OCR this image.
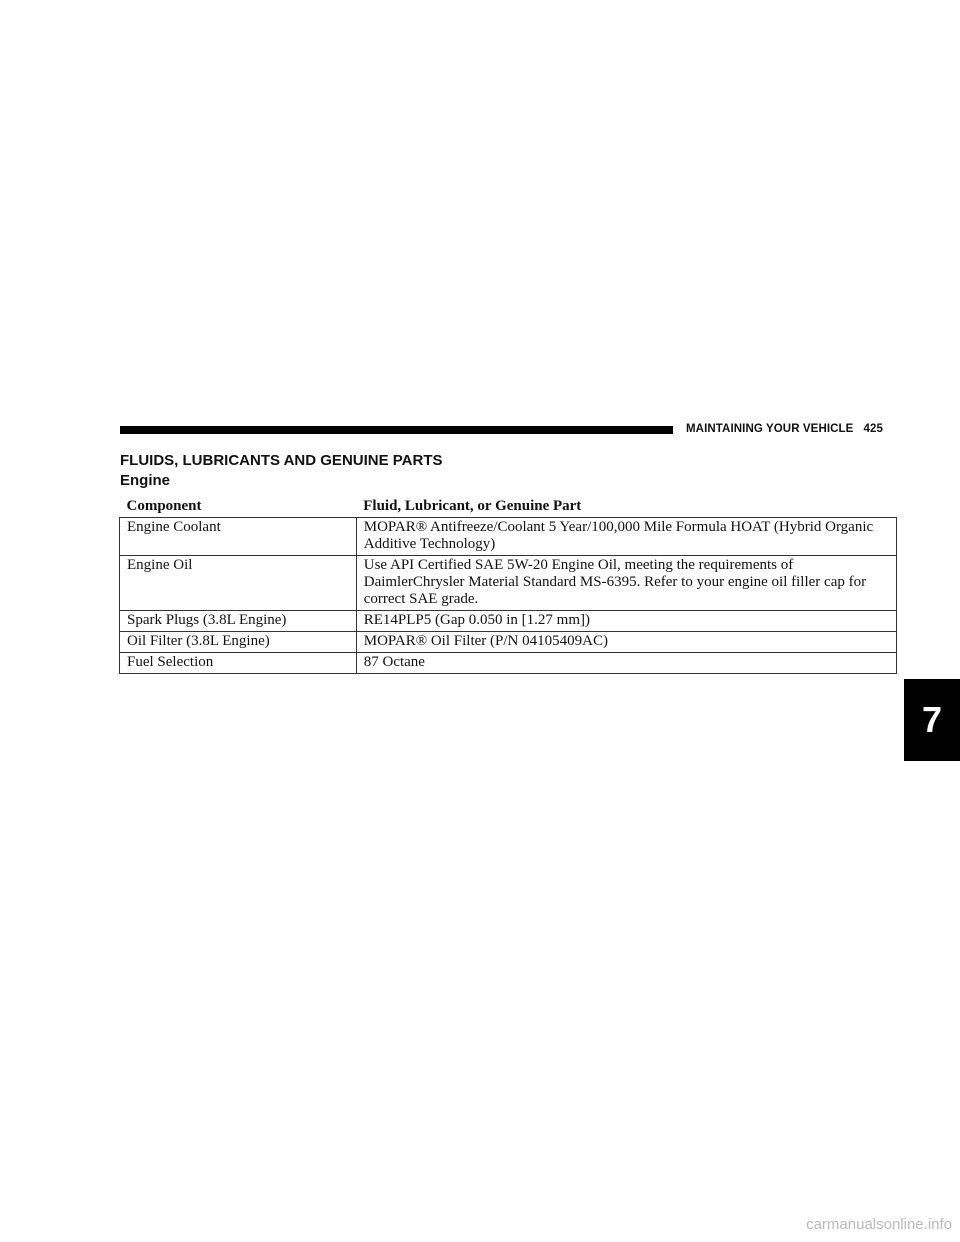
MAINTAINING YOUR VEHICLE 425
FLUIDS, LUBRICANTS AND GENUINE PARTS
Engine
Component	Fluid, Lubricant, or Genuine Part
Engine Coolant	MOPAR® Antifreeze/Coolant 5 Year/100,000 Mile Formula HOAT (Hybrid Organic Additive Technology)
Engine Oil	Use API Certified SAE 5W-20 Engine Oil, meeting the requirements of DaimlerChrysler Material Standard MS-6395. Refer to your engine oil filler cap for correct SAE grade.
Spark Plugs (3.8L Engine)	RE14PLP5 (Gap 0.050 in [1.27 mm])
Oil Filter (3.8L Engine)	MOPAR® Oil Filter (P/N 04105409AC)
Fuel Selection	87 Octane
7
carmanualsonline.info
